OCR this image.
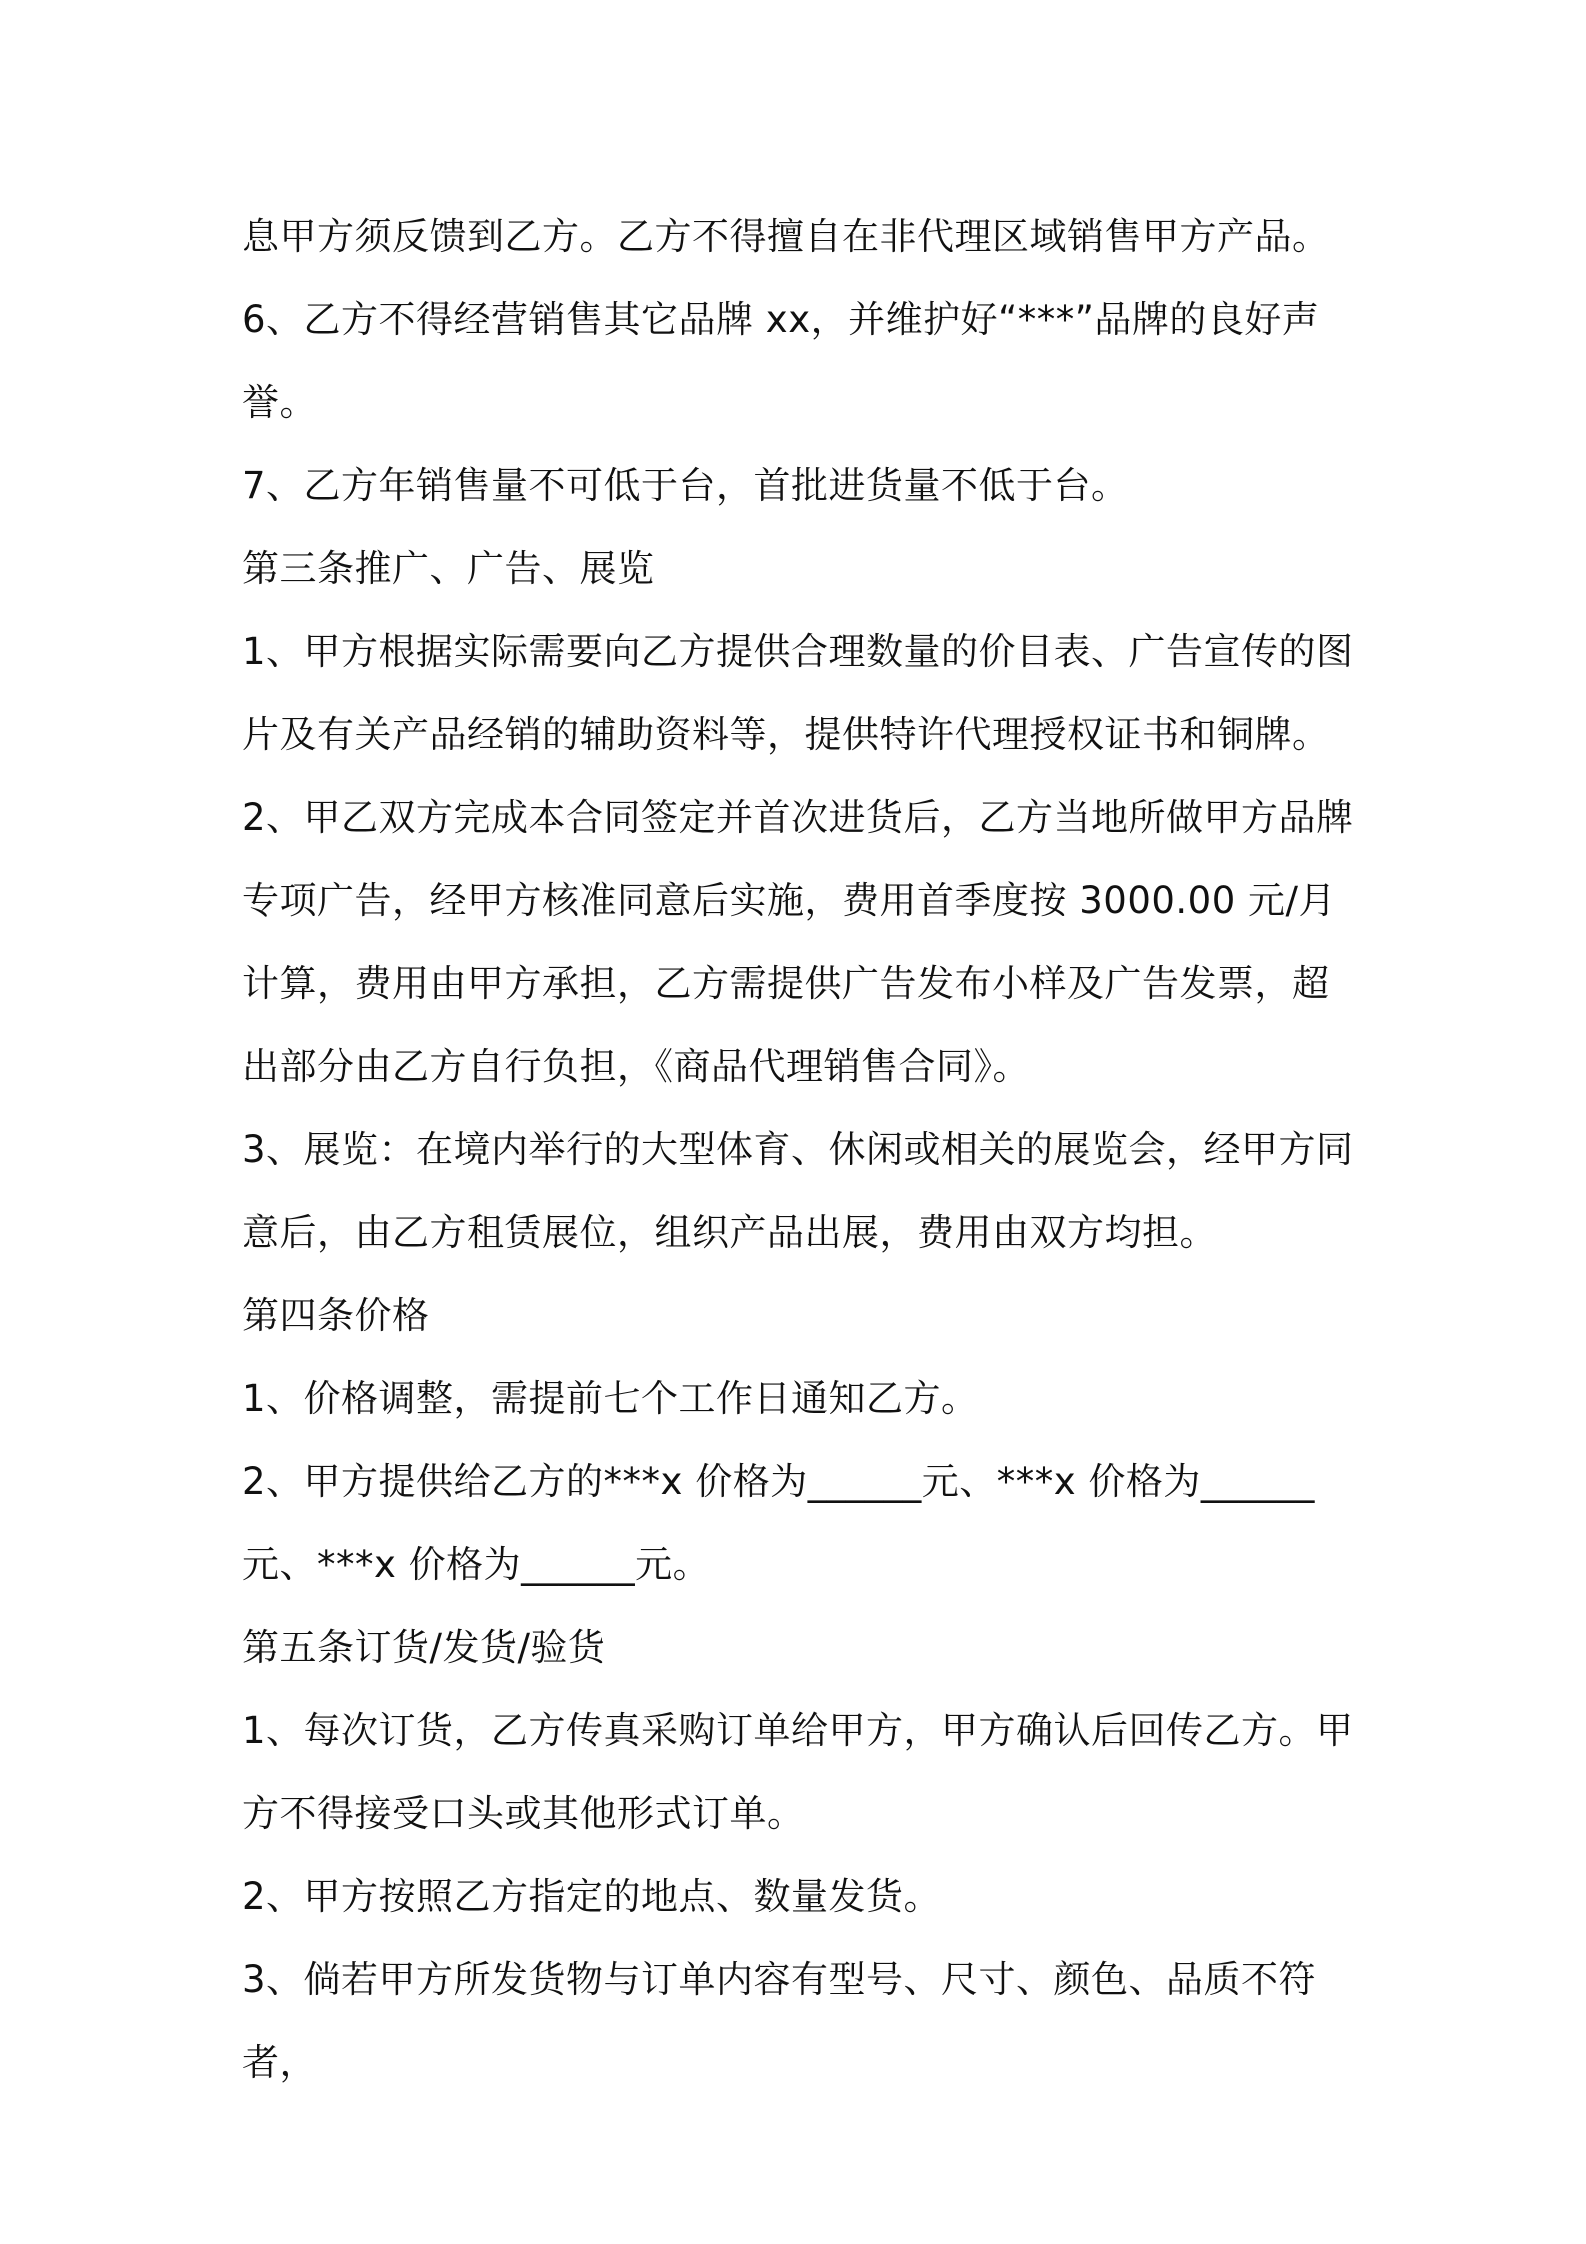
息甲方须反馈到乙方。乙方不得擅自在非代理区域销售甲方产品。

6、乙方不得经营销售其它品牌 xx，并维护好“***”品牌的良好声誉。

7、乙方年销售量不可低于台，首批进货量不低于台。

第三条推广、广告、展览

1、甲方根据实际需要向乙方提供合理数量的价目表、广告宣传的图片及有关产品经销的辅助资料等，提供特许代理授权证书和铜牌。

2、甲乙双方完成本合同签定并首次进货后，乙方当地所做甲方品牌专项广告，经甲方核准同意后实施，费用首季度按 3000.00 元/月计算，费用由甲方承担，乙方需提供广告发布小样及广告发票，超出部分由乙方自行负担，《商品代理销售合同》。

3、展览：在境内举行的大型体育、休闲或相关的展览会，经甲方同意后，由乙方租赁展位，组织产品出展，费用由双方均担。

第四条价格

1、价格调整，需提前七个工作日通知乙方。

2、甲方提供给乙方的***x 价格为______元、***x 价格为______元、***x 价格为______元。

第五条订货/发货/验货

1、每次订货，乙方传真采购订单给甲方，甲方确认后回传乙方。甲方不得接受口头或其他形式订单。

2、甲方按照乙方指定的地点、数量发货。

3、倘若甲方所发货物与订单内容有型号、尺寸、颜色、品质不符者，
